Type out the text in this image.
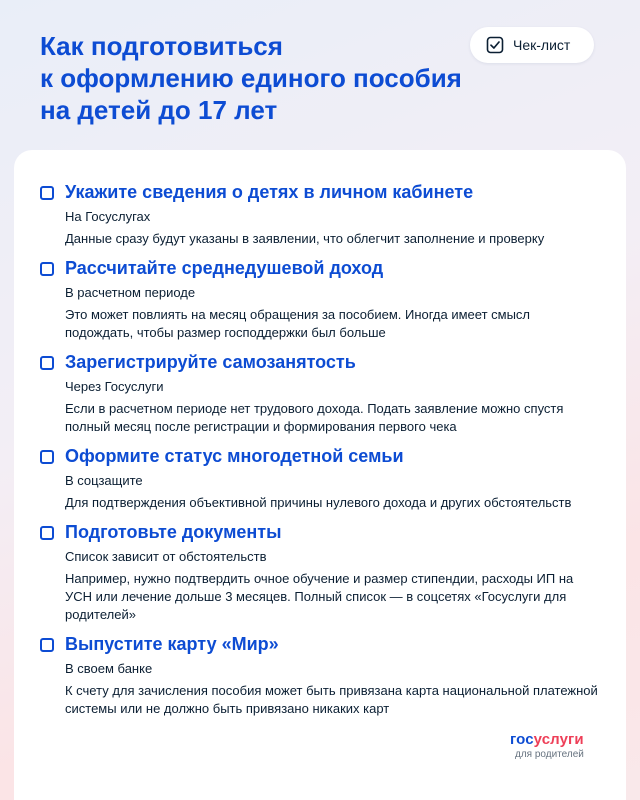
Как подготовиться
к оформлению единого пособия
на детей до 17 лет
Чек-лист

Укажите сведения о детях в личном кабинете

На Госуслугах
Данные сразу будут указаны в заявлении, что облегчит заполнение и проверку

Рассчитайте среднедушевой доход

В расчетном периоде
Это может повлиять на месяц обращения за пособием. Иногда имеет смысл подождать, чтобы размер господдержки был больше

Зарегистрируйте самозанятость

Через Госуслуги
Если в расчетном периоде нет трудового дохода. Подать заявление можно спустя полный месяц после регистрации и формирования первого чека

Оформите статус многодетной семьи

В соцзащите
Для подтверждения объективной причины нулевого дохода и других обстоятельств

Подготовьте документы

Список зависит от обстоятельств
Например, нужно подтвердить очное обучение и размер стипендии, расходы ИП на УСН или лечение дольше 3 месяцев. Полный список — в соцсетях «Госуслуги для родителей»

Выпустите карту «Мир»

В своем банке
К счету для зачисления пособия может быть привязана карта национальной платежной системы или не должно быть привязано никаких карт
госуслуги
для родителей
